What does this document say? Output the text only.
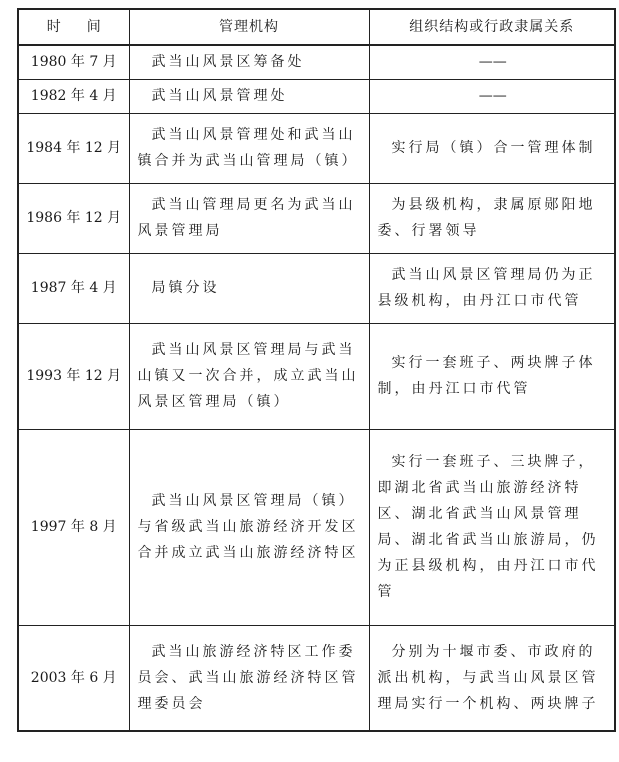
时间	管理机构	组织结构或行政隶属关系
1980 年 7 月	武当山风景区筹备处	——
1982 年 4 月	武当山风景管理处	——
1984 年 12 月	武当山风景管理处和武当山镇合并为武当山管理局（镇）	实行局（镇）合一管理体制
1986 年 12 月	武当山管理局更名为武当山风景管理局	为县级机构，隶属原郧阳地委、行署领导
1987 年 4 月	局镇分设	武当山风景区管理局仍为正县级机构，由丹江口市代管
1993 年 12 月	武当山风景区管理局与武当山镇又一次合并，成立武当山风景区管理局（镇）	实行一套班子、两块牌子体制，由丹江口市代管
1997 年 8 月	武当山风景区管理局（镇）与省级武当山旅游经济开发区合并成立武当山旅游经济特区	实行一套班子、三块牌子，即湖北省武当山旅游经济特区、湖北省武当山风景管理局、湖北省武当山旅游局，仍为正县级机构，由丹江口市代管
2003 年 6 月	武当山旅游经济特区工作委员会、武当山旅游经济特区管理委员会	分别为十堰市委、市政府的派出机构，与武当山风景区管理局实行一个机构、两块牌子
